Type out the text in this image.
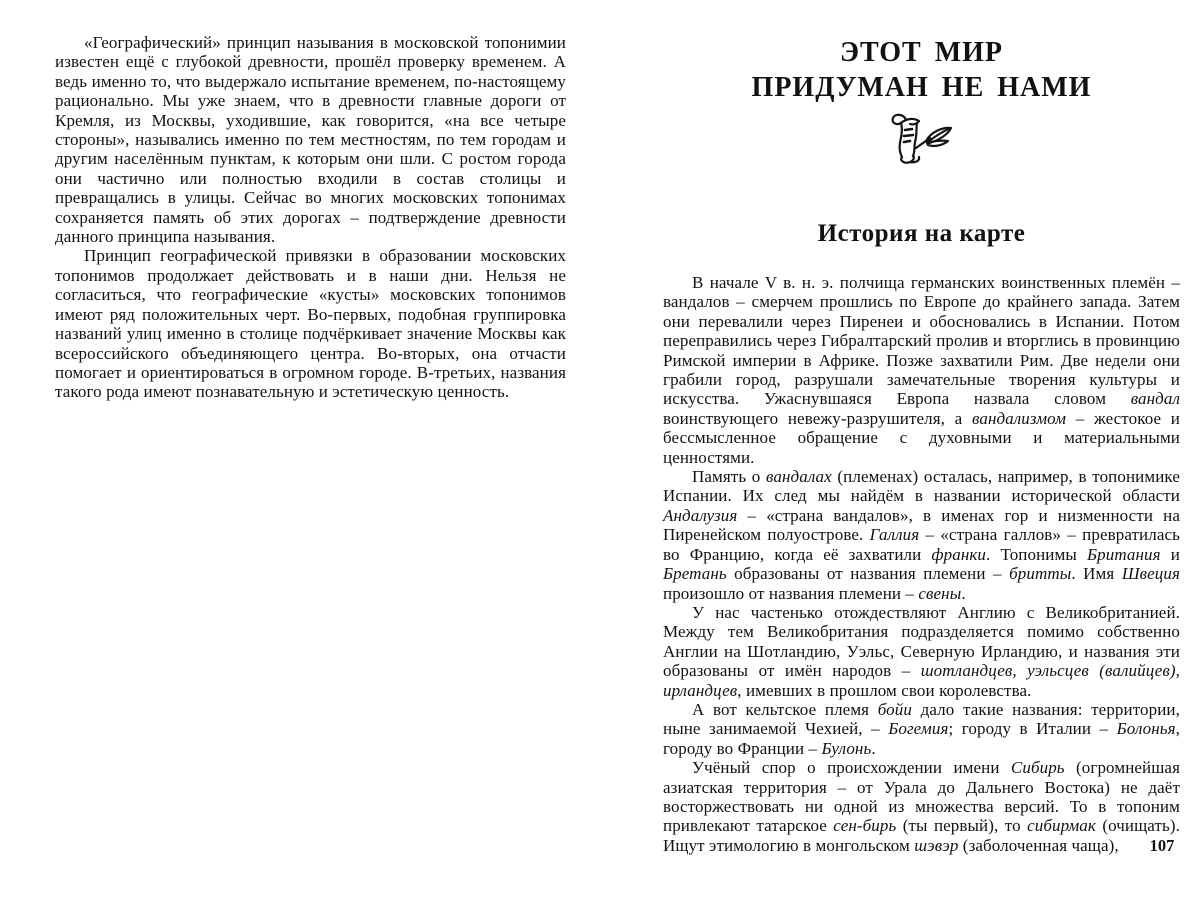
«Географический» принцип называния в московской топонимии известен ещё с глубокой древности, прошёл проверку временем. А ведь именно то, что выдержало испытание временем, по-настоящему рационально. Мы уже знаем, что в древности главные дороги от Кремля, из Москвы, уходившие, как говорится, «на все четыре стороны», назывались именно по тем местностям, по тем городам и другим населённым пунктам, к которым они шли. С ростом города они частично или полностью входили в состав столицы и превращались в улицы. Сейчас во многих московских топонимах сохраняется память об этих дорогах – подтверждение древности данного принципа называния.

Принцип географической привязки в образовании московских топонимов продолжает действовать и в наши дни. Нельзя не согласиться, что географические «кусты» московских топонимов имеют ряд положительных черт. Во-первых, подобная группировка названий улиц именно в столице подчёркивает значение Москвы как всероссийского объединяющего центра. Во-вторых, она отчасти помогает и ориентироваться в огромном городе. В-третьих, названия такого рода имеют познавательную и эстетическую ценность.

ЭТОТ МИР
ПРИДУМАН НЕ НАМИ
История на карте

В начале V в. н. э. полчища германских воинственных племён – вандалов – смерчем прошлись по Европе до крайнего запада. Затем они перевалили через Пиренеи и обосновались в Испании. Потом переправились через Гибралтарский пролив и вторглись в провинцию Римской империи в Африке. Позже захватили Рим. Две недели они грабили город, разрушали замечательные творения культуры и искусства. Ужаснувшаяся Европа назвала словом вандал воинствующего невежу-разрушителя, а вандализмом – жестокое и бессмысленное обращение с духовными и материальными ценностями.

Память о вандалах (племенах) осталась, например, в топонимике Испании. Их след мы найдём в названии исторической области Андалузия – «страна вандалов», в именах гор и низменности на Пиренейском полуострове. Галлия – «страна галлов» – превратилась во Францию, когда её захватили франки. Топонимы Британия и Бретань образованы от названия племени – бритты. Имя Швеция произошло от названия племени – свены.

У нас частенько отождествляют Англию с Великобританией. Между тем Великобритания подразделяется помимо собственно Англии на Шотландию, Уэльс, Северную Ирландию, и названия эти образованы от имён народов – шотландцев, уэльсцев (валийцев), ирландцев, имевших в прошлом свои королевства.

А вот кельтское племя бойи дало такие названия: территории, ныне занимаемой Чехией, – Богемия; городу в Италии – Болонья, городу во Франции – Булонь.

Учёный спор о происхождении имени Сибирь (огромнейшая азиатская территория – от Урала до Дальнего Востока) не даёт восторжествовать ни одной из множества версий. То в топоним привлекают татарское сен-бирь (ты первый), то сибирмак (очищать). Ищут этимологию в монгольском шэвэр (заболоченная чаща),	107
